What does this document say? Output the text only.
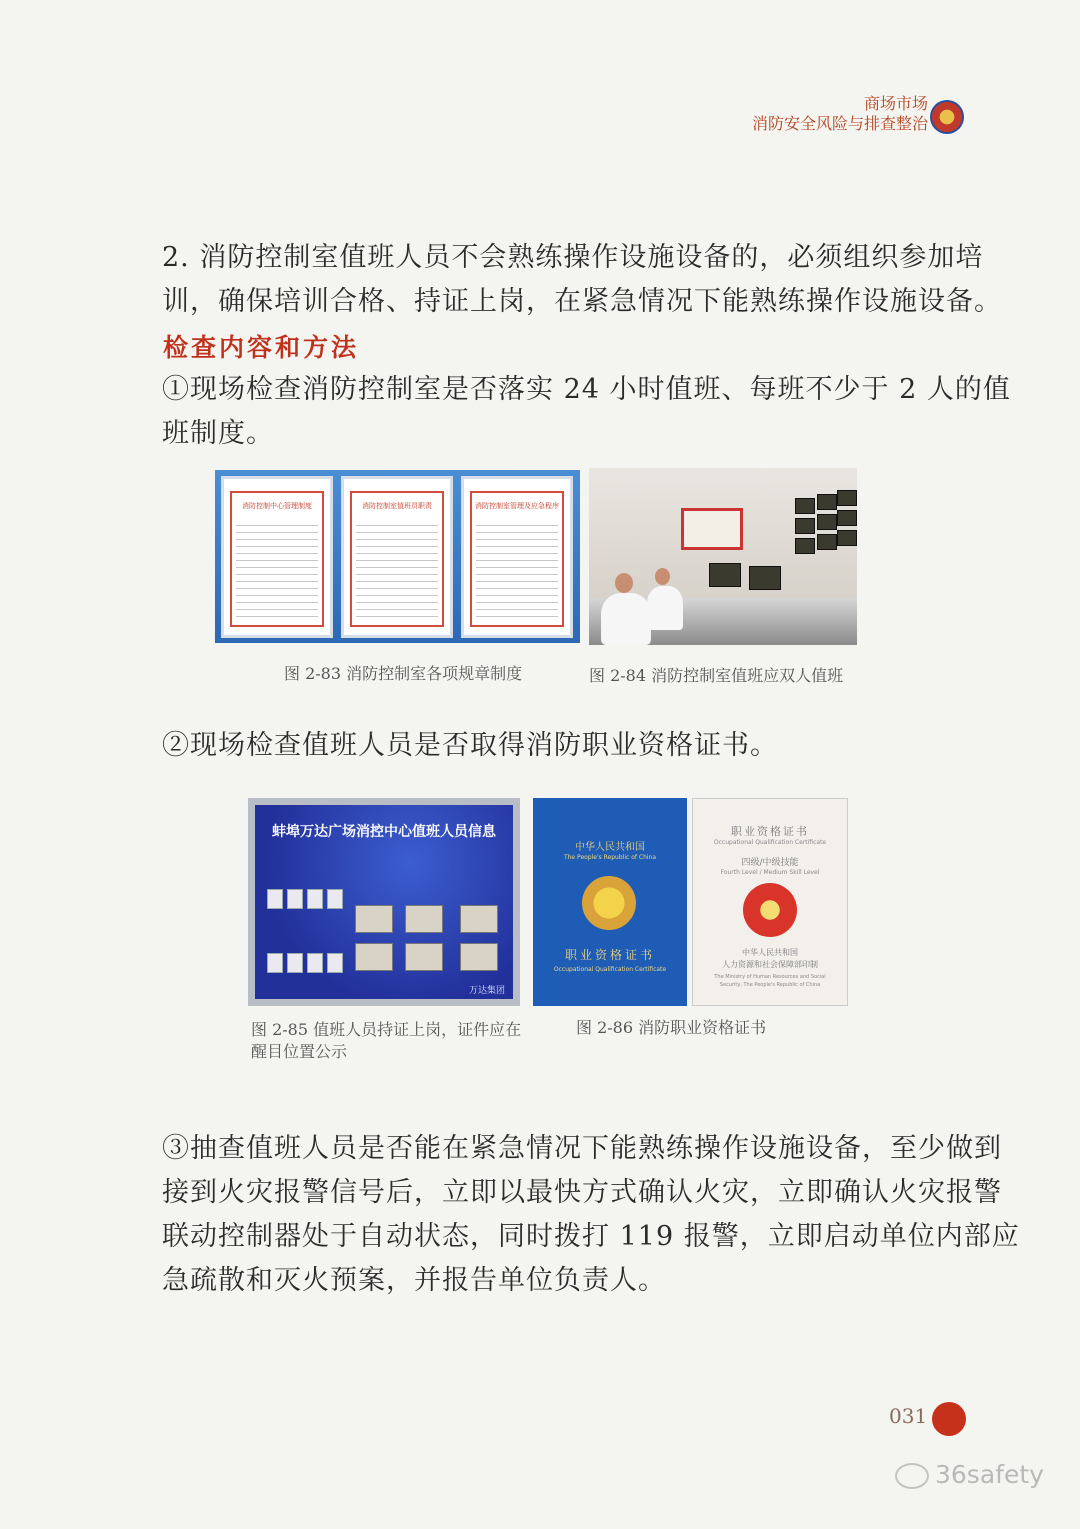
商场市场
消防安全风险与排查整治
2. 消防控制室值班人员不会熟练操作设施设备的，必须组织参加培训，确保培训合格、持证上岗，在紧急情况下能熟练操作设施设备。
检查内容和方法
①现场检查消防控制室是否落实 24 小时值班、每班不少于 2 人的值班制度。
消防控制中心管理制度	消防控制室值班员职责	消防控制室管理及应急程序
图 2-83 消防控制室各项规章制度	图 2-84 消防控制室值班应双人值班
②现场检查值班人员是否取得消防职业资格证书。
蚌埠万达广场消控中心值班人员信息
万达集团
图 2-85 值班人员持证上岗，证件应在醒目位置公示
中华人民共和国
The People's Republic of China
职业资格证书
Occupational Qualification Certificate
职业资格证书
Occupational Qualification Certificate
四级/中级技能
Fourth Level / Medium Skill Level
中华人民共和国
人力资源和社会保障部印制
The Ministry of Human Resources and Social Security, The People's Republic of China
图 2-86 消防职业资格证书
③抽查值班人员是否能在紧急情况下能熟练操作设施设备，至少做到接到火灾报警信号后，立即以最快方式确认火灾，立即确认火灾报警联动控制器处于自动状态，同时拨打 119 报警，立即启动单位内部应急疏散和灭火预案，并报告单位负责人。
031
36safety
